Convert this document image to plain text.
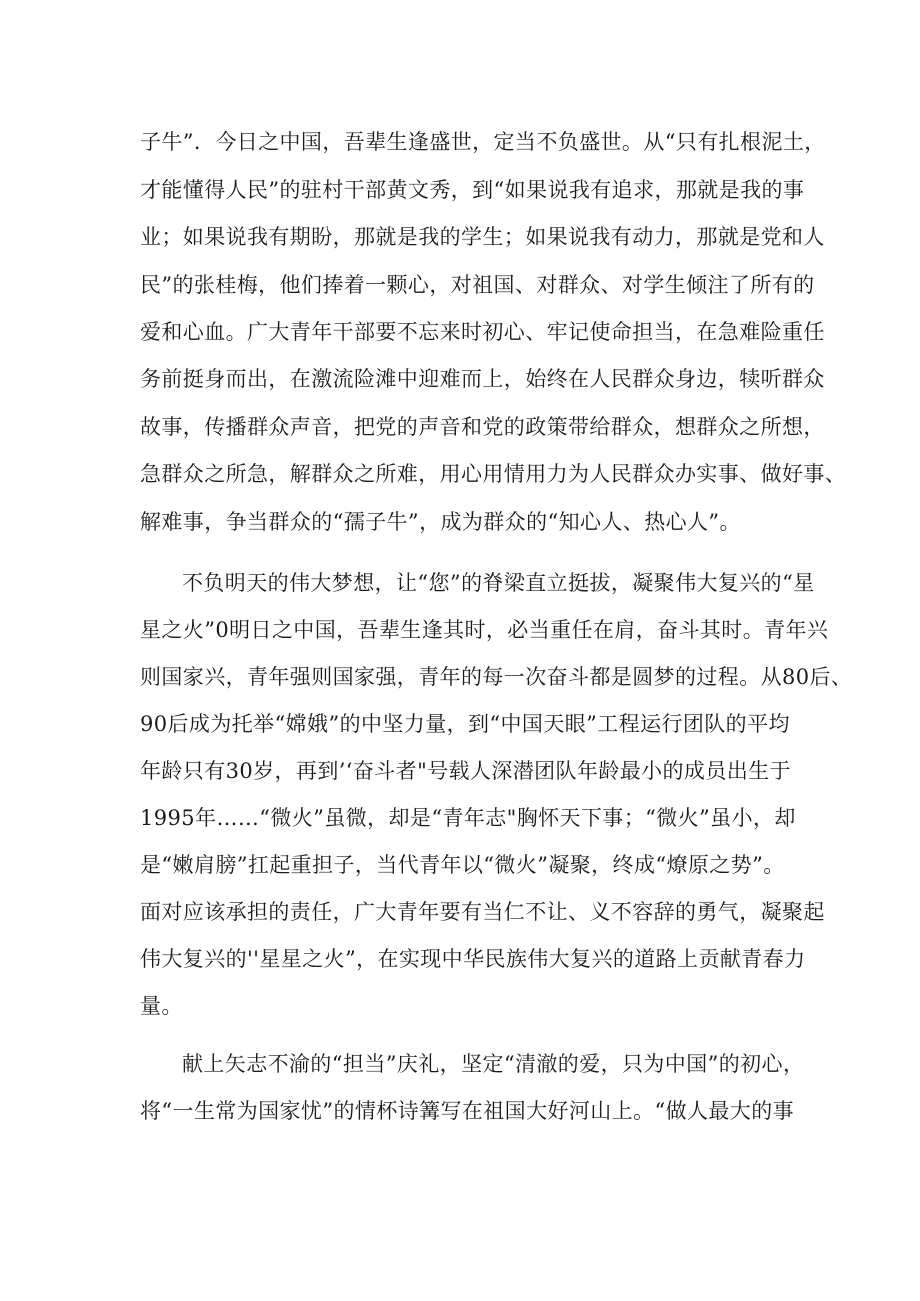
子牛”．今日之中国，吾辈生逢盛世，定当不负盛世。从“只有扎根泥土，
才能懂得人民”的驻村干部黄文秀，到“如果说我有追求，那就是我的事
业；如果说我有期盼，那就是我的学生；如果说我有动力，那就是党和人
民”的张桂梅，他们捧着一颗心，对祖国、对群众、对学生倾注了所有的
爱和心血。广大青年干部要不忘来时初心、牢记使命担当，在急难险重任
务前挺身而出，在激流险滩中迎难而上，始终在人民群众身边，犊听群众
故事，传播群众声音，把党的声音和党的政策带给群众，想群众之所想，
急群众之所急，解群众之所难，用心用情用力为人民群众办实事、做好事、
解难事，争当群众的“孺子牛”，成为群众的“知心人、热心人”。
不负明天的伟大梦想，让“您”的脊梁直立挺拔，凝聚伟大复兴的“星
星之火”0明日之中国，吾辈生逢其时，必当重任在肩，奋斗其时。青年兴
则国家兴，青年强则国家强，青年的每一次奋斗都是圆梦的过程。从80后、
90后成为托举“嫦娥”的中坚力量，到“中国天眼”工程运行团队的平均
年龄只有30岁，再到’‘奋斗者"号载人深潜团队年龄最小的成员出生于
1995年……“微火”虽微，却是“青年志"胸怀天下事；“微火”虽小，却
是“嫩肩膀”扛起重担子，当代青年以“微火”凝聚，终成“燎原之势”。
面对应该承担的责任，广大青年要有当仁不让、义不容辞的勇气，凝聚起
伟大复兴的''星星之火”，在实现中华民族伟大复兴的道路上贡献青春力
量。
献上矢志不渝的“担当”庆礼，坚定“清澈的爱，只为中国”的初心，
将“一生常为国家忧”的情杯诗篝写在祖国大好河山上。“做人最大的事
